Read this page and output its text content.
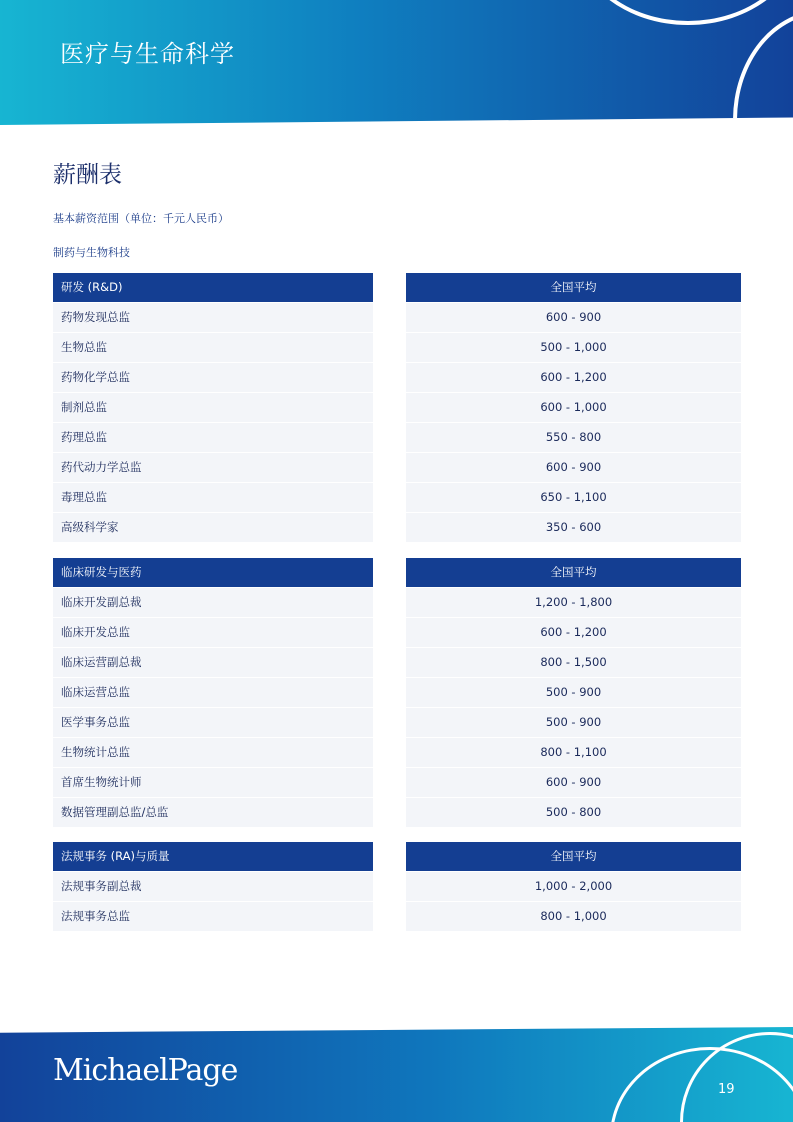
医疗与生命科学
薪酬表
基本薪资范围（单位：千元人民币）
制药与生物科技
研发 (R&D)	全国平均
药物发现总监	600 - 900
生物总监	500 - 1,000
药物化学总监	600 - 1,200
制剂总监	600 - 1,000
药理总监	550 - 800
药代动力学总监	600 - 900
毒理总监	650 - 1,100
高级科学家	350 - 600
临床研发与医药	全国平均
临床开发副总裁	1,200 - 1,800
临床开发总监	600 - 1,200
临床运营副总裁	800 - 1,500
临床运营总监	500 - 900
医学事务总监	500 - 900
生物统计总监	800 - 1,100
首席生物统计师	600 - 900
数据管理副总监/总监	500 - 800
法规事务 (RA)与质量	全国平均
法规事务副总裁	1,000 - 2,000
法规事务总监	800 - 1,000
MichaelPage
19
